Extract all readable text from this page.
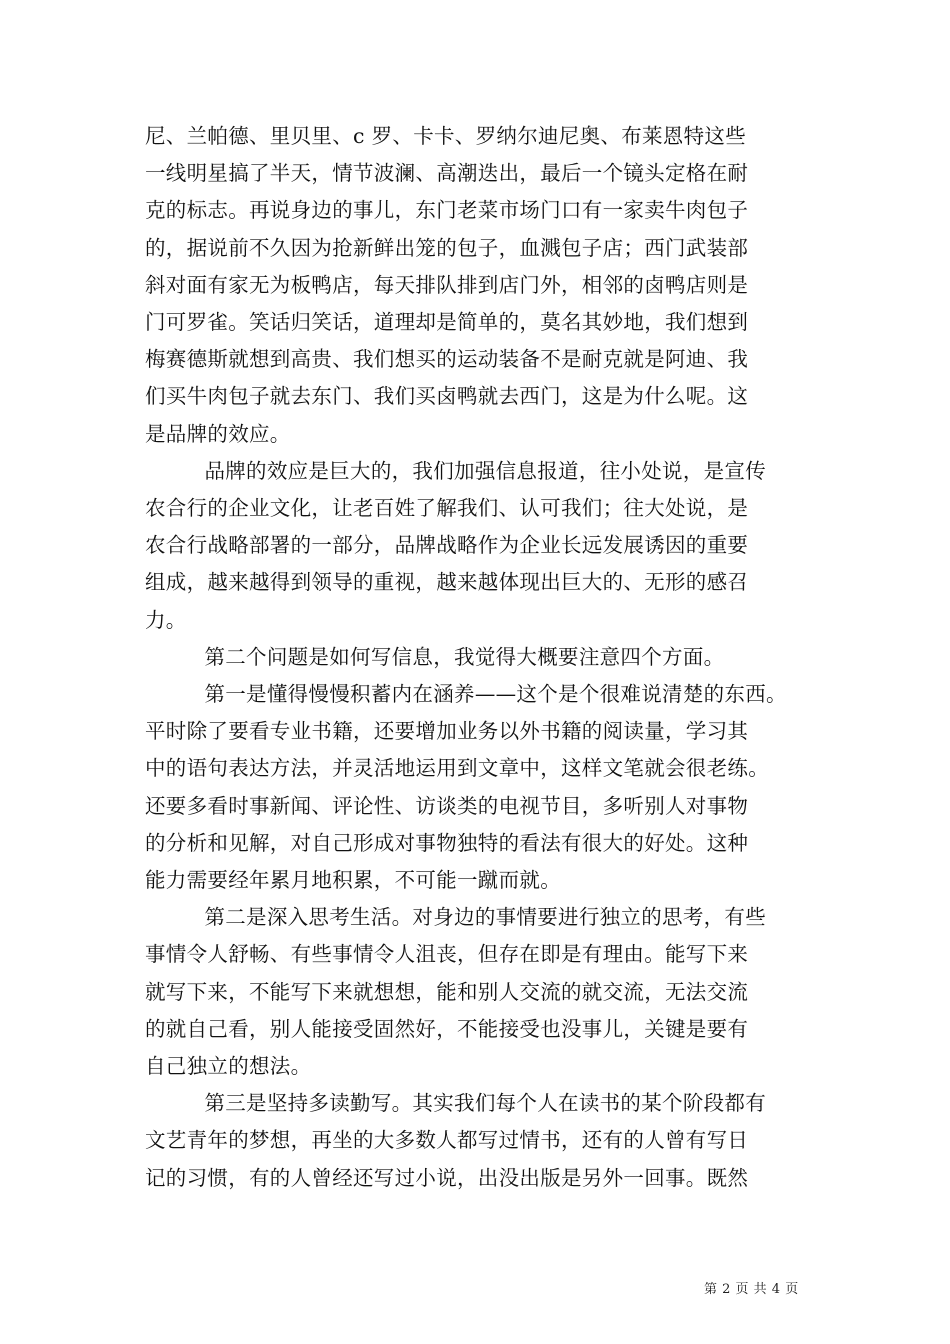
尼、兰帕德、里贝里、c 罗、卡卡、罗纳尔迪尼奥、布莱恩特这些
一线明星搞了半天，情节波澜、高潮迭出，最后一个镜头定格在耐
克的标志。再说身边的事儿，东门老菜市场门口有一家卖牛肉包子
的，据说前不久因为抢新鲜出笼的包子，血溅包子店；西门武装部
斜对面有家无为板鸭店，每天排队排到店门外，相邻的卤鸭店则是
门可罗雀。笑话归笑话，道理却是简单的，莫名其妙地，我们想到
梅赛德斯就想到高贵、我们想买的运动装备不是耐克就是阿迪、我
们买牛肉包子就去东门、我们买卤鸭就去西门，这是为什么呢。这
是品牌的效应。

品牌的效应是巨大的，我们加强信息报道，往小处说，是宣传
农合行的企业文化，让老百姓了解我们、认可我们；往大处说，是
农合行战略部署的一部分，品牌战略作为企业长远发展诱因的重要
组成，越来越得到领导的重视，越来越体现出巨大的、无形的感召
力。

第二个问题是如何写信息，我觉得大概要注意四个方面。

第一是懂得慢慢积蓄内在涵养——这个是个很难说清楚的东西。
平时除了要看专业书籍，还要增加业务以外书籍的阅读量，学习其
中的语句表达方法，并灵活地运用到文章中，这样文笔就会很老练。
还要多看时事新闻、评论性、访谈类的电视节目，多听别人对事物
的分析和见解，对自己形成对事物独特的看法有很大的好处。这种
能力需要经年累月地积累，不可能一蹴而就。

第二是深入思考生活。对身边的事情要进行独立的思考，有些
事情令人舒畅、有些事情令人沮丧，但存在即是有理由。能写下来
就写下来，不能写下来就想想，能和别人交流的就交流，无法交流
的就自己看，别人能接受固然好，不能接受也没事儿，关键是要有
自己独立的想法。

第三是坚持多读勤写。其实我们每个人在读书的某个阶段都有
文艺青年的梦想，再坐的大多数人都写过情书，还有的人曾有写日
记的习惯，有的人曾经还写过小说，出没出版是另外一回事。既然

第 2 页 共 4 页
